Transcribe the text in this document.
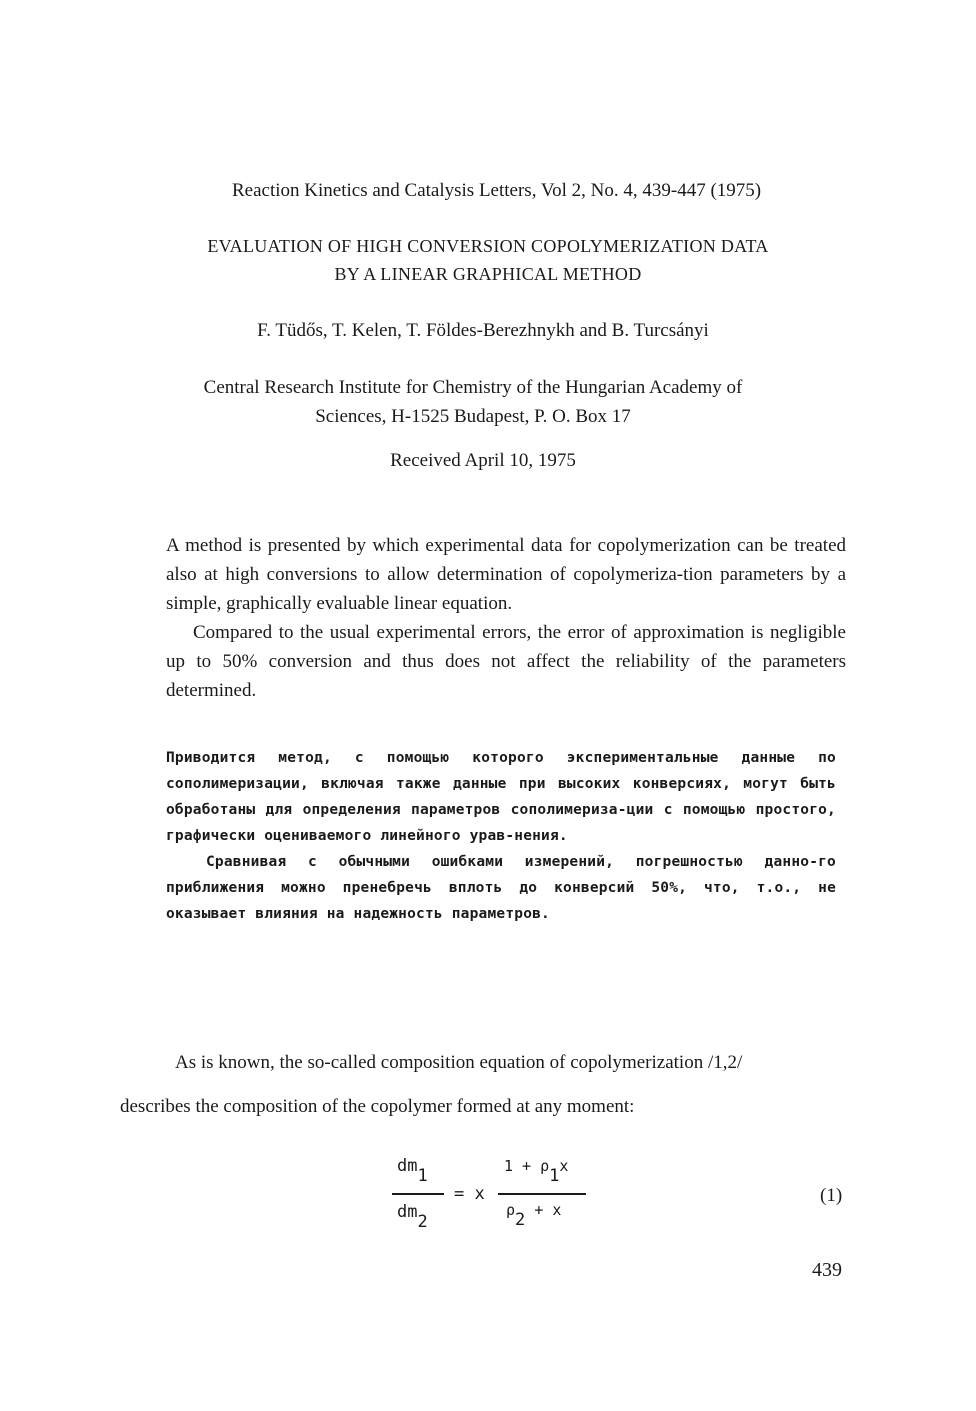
Reaction Kinetics and Catalysis Letters, Vol 2, No. 4, 439-447 (1975)
EVALUATION OF HIGH CONVERSION COPOLYMERIZATION DATA
BY A LINEAR GRAPHICAL METHOD
F. Tüdős, T. Kelen, T. Földes-Berezhnykh and B. Turcsányi
Central Research Institute for Chemistry of the Hungarian Academy of
Sciences, H-1525 Budapest, P. O. Box 17
Received April 10, 1975

A method is presented by which experimental data for copolymerization can be treated also at high conversions to allow determination of copolymeriza-tion parameters by a simple, graphically evaluable linear equation.

Compared to the usual experimental errors, the error of approximation is negligible up to 50% conversion and thus does not affect the reliability of the parameters determined.

Приводится метод, с помощью которого экспериментальные данные по сополимеризации, включая также данные при высоких конверсиях, могут быть обработаны для определения параметров сополимериза-ции с помощью простого, графически оцениваемого линейного урав-нения.

Сравнивая с обычными ошибками измерений, погрешностью данно-го приближения можно пренебречь вплоть до конверсий 50%, что, т.о., не оказывает влияния на надежность параметров.

As is known, the so-called composition equation of copolymerization /1,2/
describes the composition of the copolymer formed at any moment:
dm1
dm2
= x
1 + ρ1x
ρ2 + x
(1)
439
